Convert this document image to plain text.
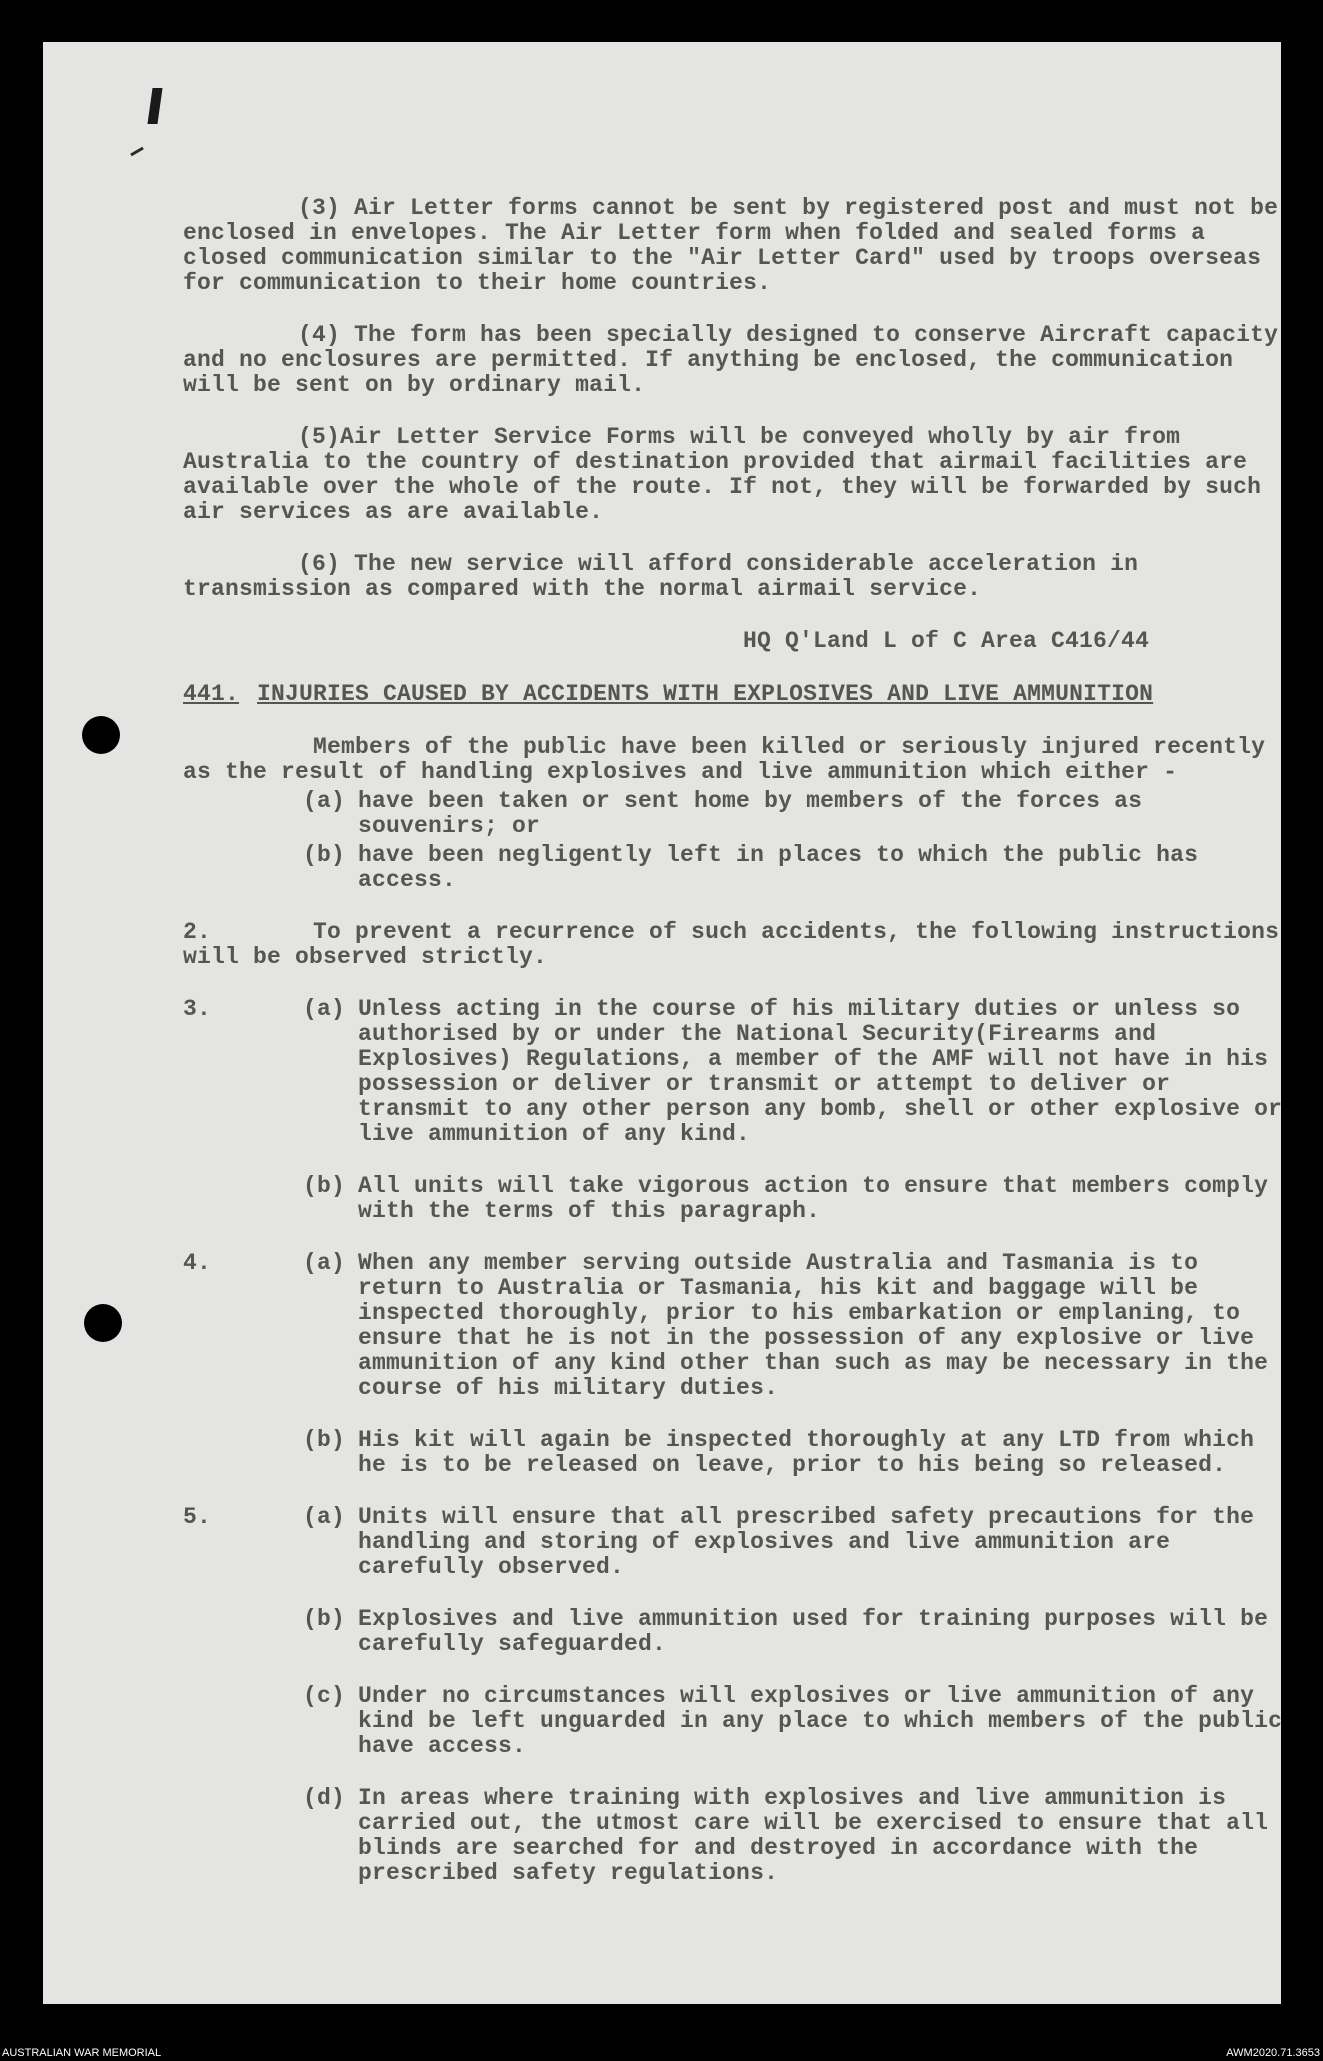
(3) Air Letter forms cannot be sent by registered post and must not be enclosed in envelopes. The Air Letter form when folded and sealed forms a closed communication similar to the "Air Letter Card" used by troops overseas for communication to their home countries.

(4) The form has been specially designed to conserve Aircraft capacity and no enclosures are permitted. If anything be enclosed, the communication will be sent on by ordinary mail.

(5)Air Letter Service Forms will be conveyed wholly by air from Australia to the country of destination provided that airmail facilities are available over the whole of the route. If not, they will be forwarded by such air services as are available.

(6) The new service will afford considerable acceleration in transmission as compared with the normal airmail service.

HQ Q'Land L of C Area C416/44
441. INJURIES CAUSED BY ACCIDENTS WITH EXPLOSIVES AND LIVE AMMUNITION
Members of the public have been killed or seriously injured recently as the result of handling explosives and live ammunition which either -
(a) have been taken or sent home by members of the forces as souvenirs; or
(b) have been negligently left in places to which the public has access.
2.	To prevent a recurrence of such accidents, the following instructions will be observed strictly.
3.	(a) Unless acting in the course of his military duties or unless so authorised by or under the National Security(Firearms and Explosives) Regulations, a member of the AMF will not have in his possession or deliver or transmit or attempt to deliver or transmit to any other person any bomb, shell or other explosive or live ammunition of any kind.
(b) All units will take vigorous action to ensure that members comply with the terms of this paragraph.
4.	(a) When any member serving outside Australia and Tasmania is to return to Australia or Tasmania, his kit and baggage will be inspected thoroughly, prior to his embarkation or emplaning, to ensure that he is not in the possession of any explosive or live ammunition of any kind other than such as may be necessary in the course of his military duties.
(b) His kit will again be inspected thoroughly at any LTD from which he is to be released on leave, prior to his being so released.
5.	(a) Units will ensure that all prescribed safety precautions for the handling and storing of explosives and live ammunition are carefully observed.
(b) Explosives and live ammunition used for training purposes will be carefully safeguarded.
(c) Under no circumstances will explosives or live ammunition of any kind be left unguarded in any place to which members of the public have access.
(d) In areas where training with explosives and live ammunition is carried out, the utmost care will be exercised to ensure that all blinds are searched for and destroyed in accordance with the prescribed safety regulations.
AUSTRALIAN WAR MEMORIAL	AWM2020.71.3653
